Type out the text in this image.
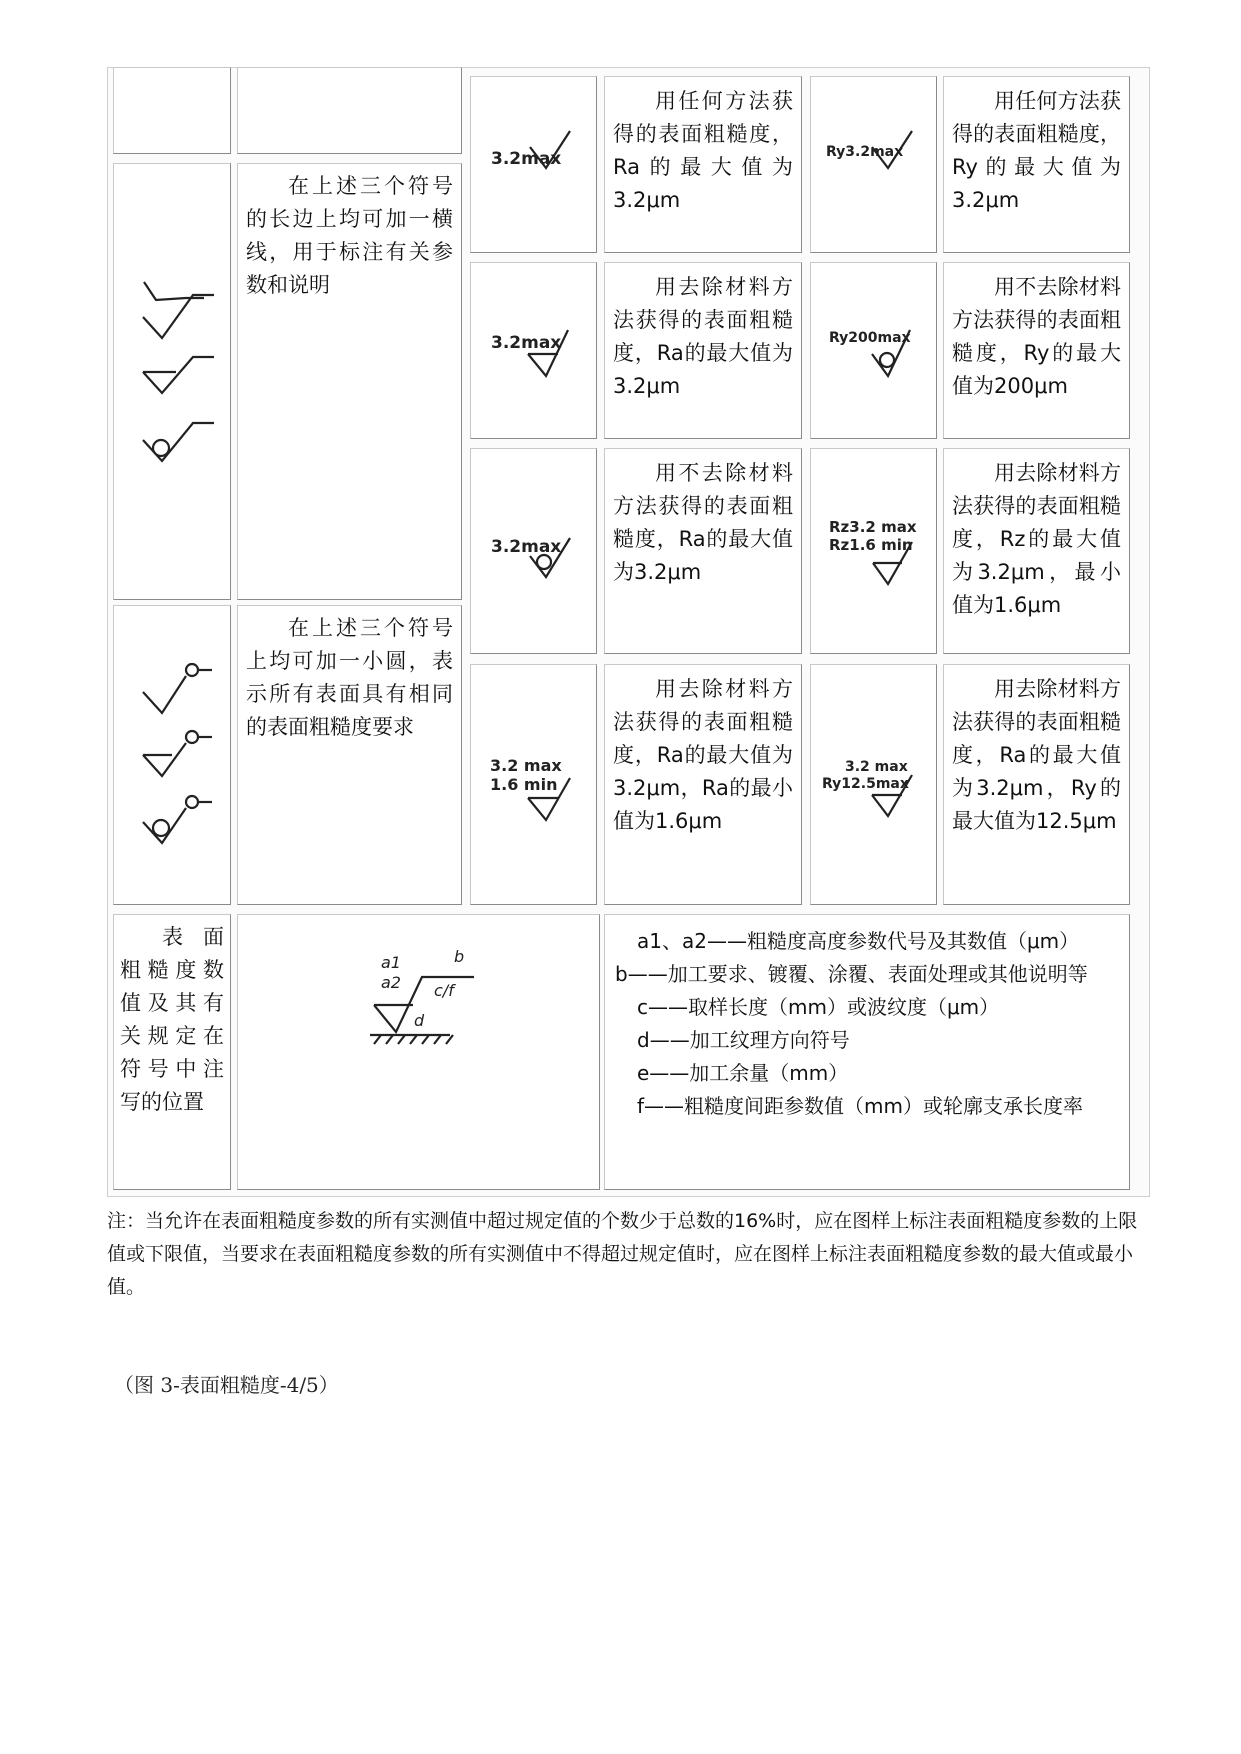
在上述三个符号的长边上均可加一横线，用于标注有关参数和说明
在上述三个符号上均可加一小圆，表示所有表面具有相同的表面粗糙度要求
用任何方法获得的表面粗糙度，Ra的最大值为3.2μm
用任何方法获得的表面粗糙度，Ry的最大值为3.2μm
用去除材料方法获得的表面粗糙度，Ra的最大值为3.2μm
用不去除材料方法获得的表面粗糙度，Ry的最大值为200μm
用不去除材料方法获得的表面粗糙度，Ra的最大值为3.2μm
用去除材料方法获得的表面粗糙度，Rz的最大值为3.2μm，最小值为1.6μm
用去除材料方法获得的表面粗糙度，Ra的最大值为3.2μm，Ra的最小值为1.6μm
用去除材料方法获得的表面粗糙度，Ra的最大值为3.2μm，Ry的最大值为12.5μm
表面粗糙度数值及其有关规定在符号中注写的位置
a1、a2——粗糙度高度参数代号及其数值（μm）
b——加工要求、镀覆、涂覆、表面处理或其他说明等
c——取样长度（mm）或波纹度（μm）
d——加工纹理方向符号
e——加工余量（mm）
f——粗糙度间距参数值（mm）或轮廓支承长度率
3.2max	Ry3.2max
3.2max	Ry200max
3.2max
Rz3.2 max
Rz1.6 min
3.2 max
1.6 min
3.2 max
Ry12.5max
a1
a2
b
c/f
d
注：当允许在表面粗糙度参数的所有实测值中超过规定值的个数少于总数的16%时，应在图样上标注表面粗糙度参数的上限值或下限值，当要求在表面粗糙度参数的所有实测值中不得超过规定值时，应在图样上标注表面粗糙度参数的最大值或最小值。
（图 3-表面粗糙度-4/5）
